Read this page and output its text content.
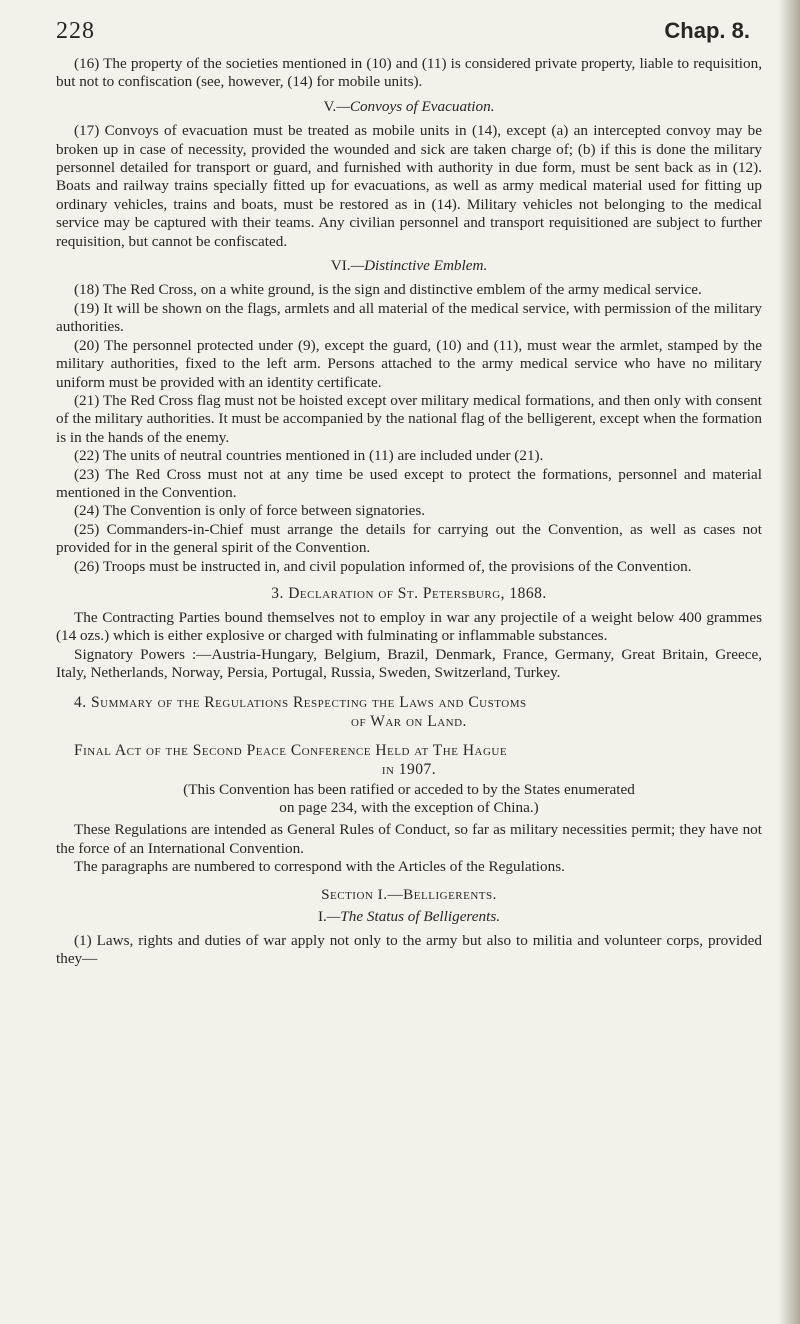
228	Chap. 8.

(16) The property of the societies mentioned in (10) and (11) is considered private property, liable to requisition, but not to confiscation (see, however, (14) for mobile units).

V.—Convoys of Evacuation.

(17) Convoys of evacuation must be treated as mobile units in (14), except (a) an intercepted convoy may be broken up in case of necessity, provided the wounded and sick are taken charge of; (b) if this is done the military personnel detailed for transport or guard, and furnished with authority in due form, must be sent back as in (12). Boats and railway trains specially fitted up for evacuations, as well as army medical material used for fitting up ordinary vehicles, trains and boats, must be restored as in (14). Military vehicles not belonging to the medical service may be captured with their teams. Any civilian personnel and transport requisitioned are subject to further requisition, but cannot be confiscated.

VI.—Distinctive Emblem.

(18) The Red Cross, on a white ground, is the sign and distinctive emblem of the army medical service.

(19) It will be shown on the flags, armlets and all material of the medical service, with permission of the military authorities.

(20) The personnel protected under (9), except the guard, (10) and (11), must wear the armlet, stamped by the military authorities, fixed to the left arm. Persons attached to the army medical service who have no military uniform must be provided with an identity certificate.

(21) The Red Cross flag must not be hoisted except over military medical formations, and then only with consent of the military authorities. It must be accompanied by the national flag of the belligerent, except when the formation is in the hands of the enemy.

(22) The units of neutral countries mentioned in (11) are included under (21).

(23) The Red Cross must not at any time be used except to protect the formations, personnel and material mentioned in the Convention.

(24) The Convention is only of force between signatories.

(25) Commanders-in-Chief must arrange the details for carrying out the Convention, as well as cases not provided for in the general spirit of the Convention.

(26) Troops must be instructed in, and civil population informed of, the provisions of the Convention.

3. Declaration of St. Petersburg, 1868.

The Contracting Parties bound themselves not to employ in war any projectile of a weight below 400 grammes (14 ozs.) which is either explosive or charged with fulminating or inflammable substances.

Signatory Powers :—Austria-Hungary, Belgium, Brazil, Denmark, France, Germany, Great Britain, Greece, Italy, Netherlands, Norway, Persia, Portugal, Russia, Sweden, Switzerland, Turkey.

4. Summary of the Regulations Respecting the Laws and Customs
of War on Land.
Final Act of the Second Peace Conference Held at The Hague
in 1907.
(This Convention has been ratified or acceded to by the States enumerated
on page 234, with the exception of China.)

These Regulations are intended as General Rules of Conduct, so far as military necessities permit; they have not the force of an International Convention.

The paragraphs are numbered to correspond with the Articles of the Regulations.

Section I.—Belligerents.
I.—The Status of Belligerents.

(1) Laws, rights and duties of war apply not only to the army but also to militia and volunteer corps, provided they—
